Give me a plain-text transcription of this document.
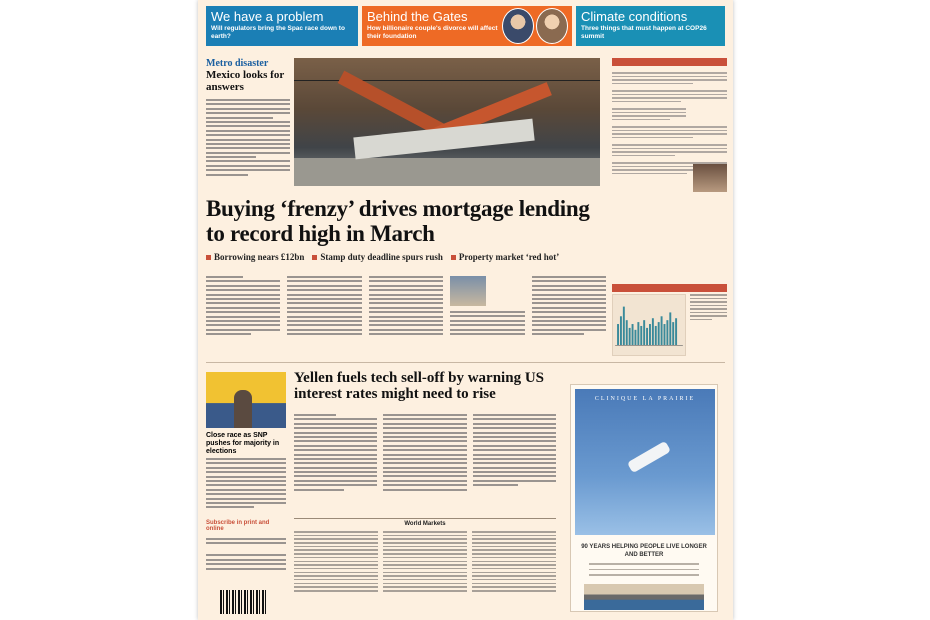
We have a problem

Will regulators bring the Spac race down to earth?

Behind the Gates

How billionaire couple's divorce will affect their foundation

Climate conditions

Three things that must happen at COP26 summit

Metro disaster
Mexico looks for answers

Buying ‘frenzy’ drives mortgage lending to record high in March
Borrowing nears £12bn	Stamp duty deadline spurs rush	Property market ‘red hot’
Close race as SNP pushes for majority in elections
Subscribe in print and online
Yellen fuels tech sell-off by warning US interest rates might need to rise
World Markets
CLINIQUE LA PRAIRIE
90 YEARS HELPING PEOPLE LIVE LONGER AND BETTER
